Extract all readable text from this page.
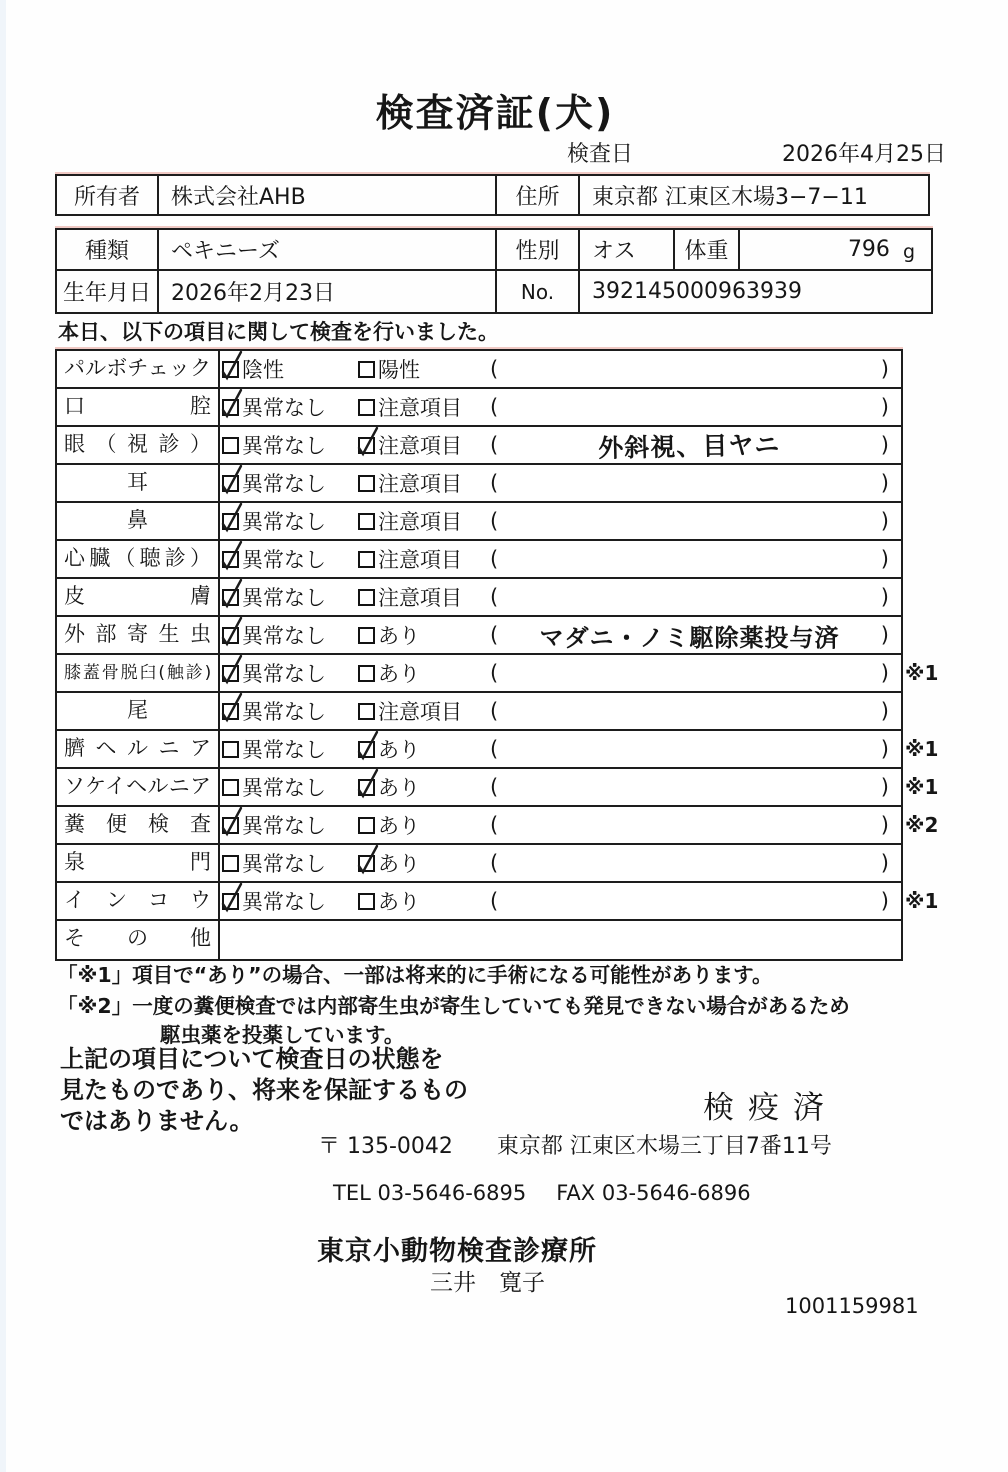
検査済証(犬)
検査日	2026年4月25日
所有者	株式会社AHB	住所	東京都 江東区木場3−7−11
種類	ペキニーズ	性別	オス	体重	796 g
生年月日 2026年2月23日	No.	392145000963939
本日、以下の項目に関して検査を行いました。
パルボチェック	陰性	陽性	(	)
口腔	異常なし 注意項目 (	)
眼（視診）	異常なし 注意項目 (	外斜視、目ヤニ	)
耳	異常なし 注意項目 (	)
鼻	異常なし 注意項目 (	)
心臓（聴診）	異常なし 注意項目 (	)
皮膚	異常なし 注意項目 (	)
外部寄生虫	異常なし あり	(	マダニ・ノミ駆除薬投与済	)
膝蓋骨脱臼(触診)	異常なし あり	(	) ※1
尾	異常なし 注意項目 (	)
臍ヘルニア	異常なし あり	(	) ※1
ソケイヘルニア	異常なし あり	(	) ※1
糞便検査	異常なし あり	(	) ※2
泉門	異常なし あり	(	)
インコウ	異常なし あり	(	) ※1
その他
「※1」項目で“あり”の場合、一部は将来的に手術になる可能性があります。
「※2」一度の糞便検査では内部寄生虫が寄生していても発見できない場合があるため
駆虫薬を投薬しています。
上記の項目について検査日の状態を
見たものであり、将来を保証するもの
ではありません。	検疫済
〒 135-0042 東京都 江東区木場三丁目7番11号
TEL 03-5646-6895 FAX 03-5646-6896
東京小動物検査診療所
三井　寛子
1001159981
